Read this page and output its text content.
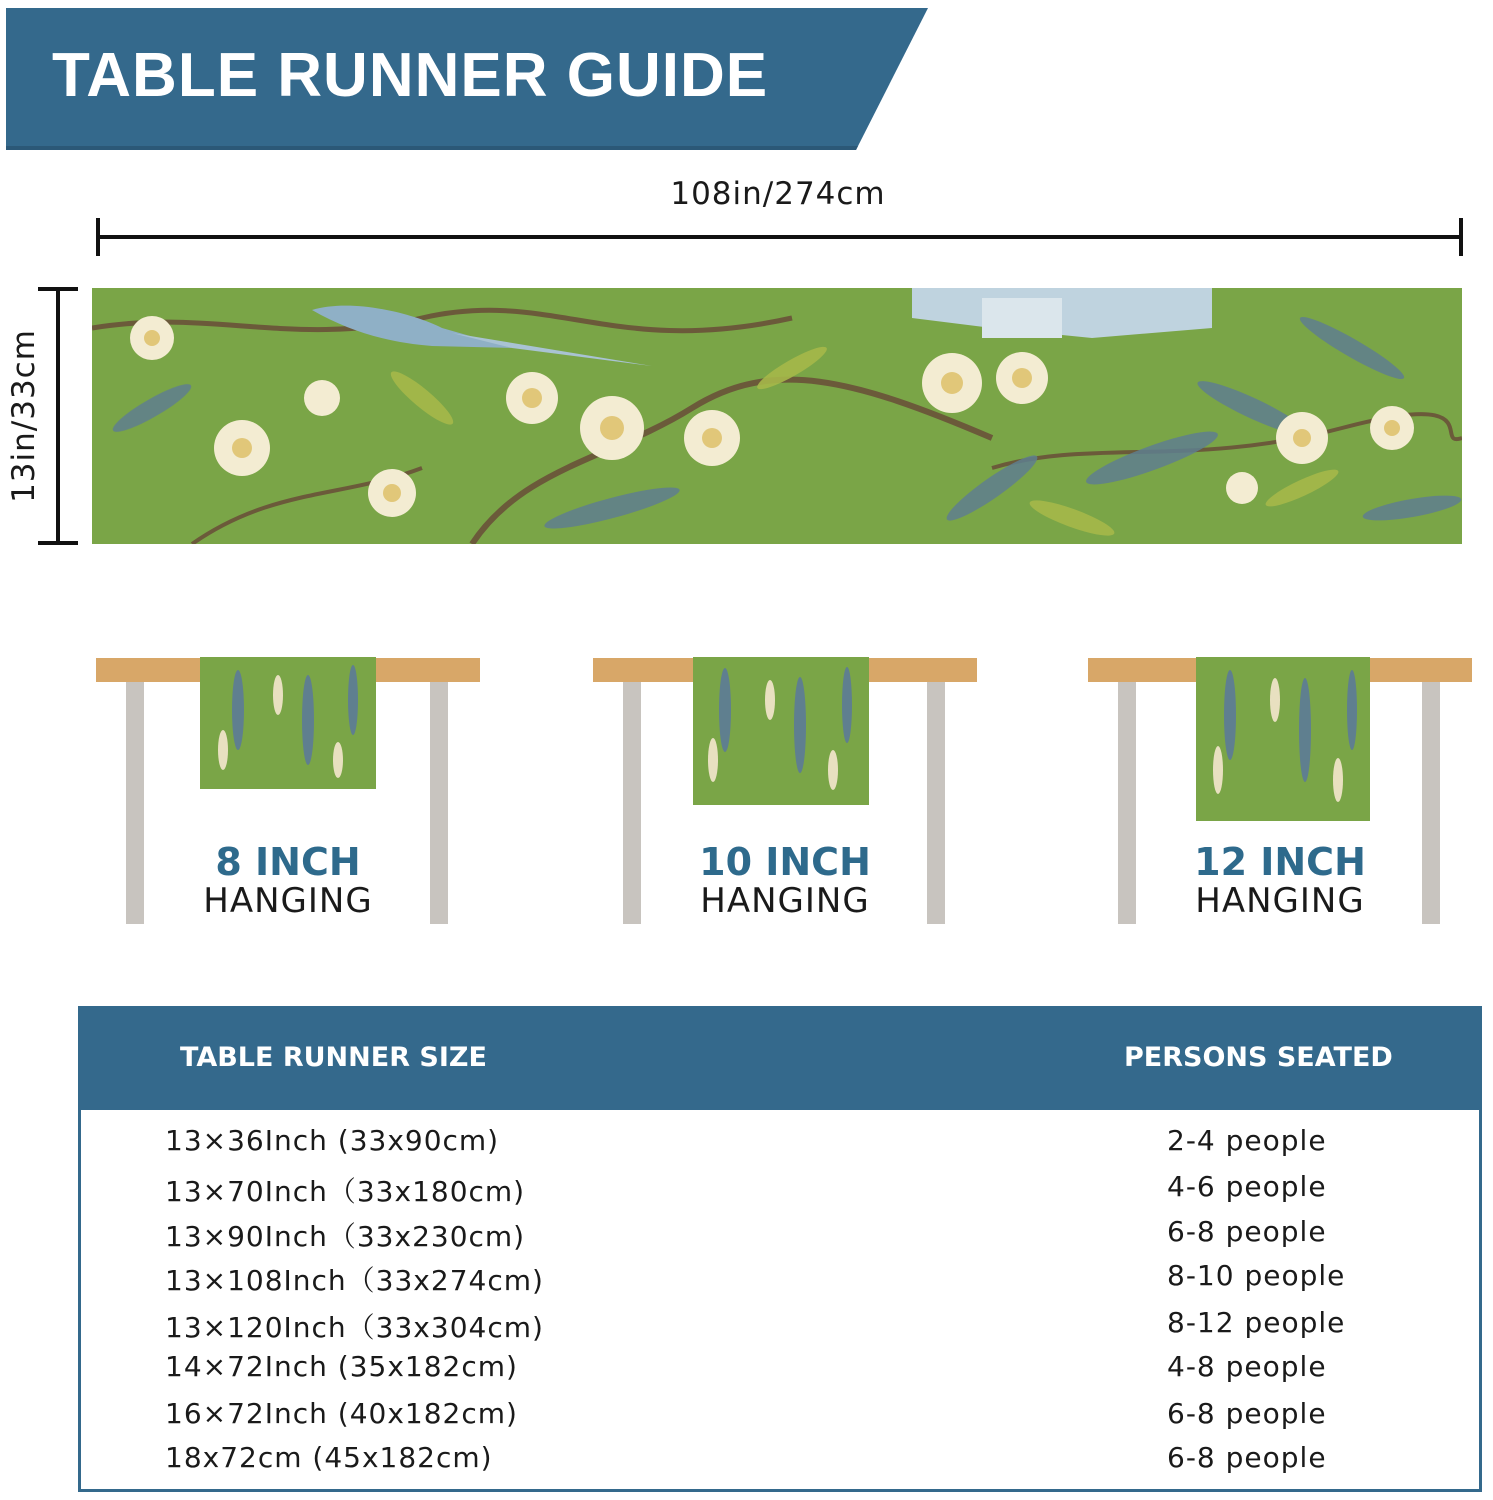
TABLE RUNNER GUIDE
108in/274cm
13in/33cm
8 INCH
HANGING
10 INCH
HANGING
12 INCH
HANGING
TABLE RUNNER SIZE	PERSONS SEATED
13×36Inch (33x90cm)	2-4 people
13×70Inch（33x180cm)	4-6 people
13×90Inch（33x230cm)	6-8 people
13×108Inch（33x274cm)	8-10 people
13×120Inch（33x304cm)	8-12 people
14×72Inch (35x182cm)	4-8 people
16×72Inch (40x182cm)	6-8 people
18x72cm (45x182cm)	6-8 people
